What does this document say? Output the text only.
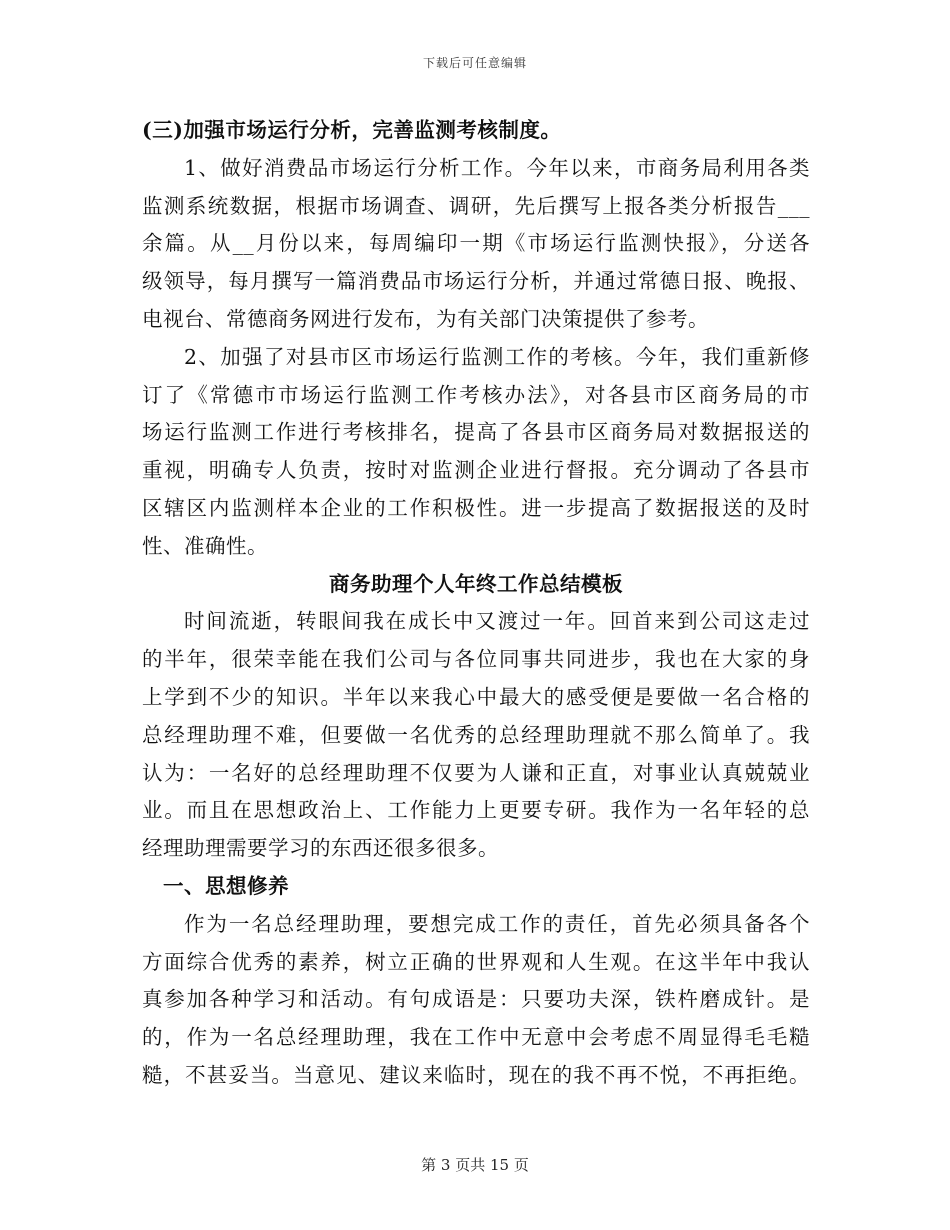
下载后可任意编辑
(三)加强市场运行分析，完善监测考核制度。
1、做好消费品市场运行分析工作。今年以来，市商务局利用各类
监测系统数据，根据市场调查、调研，先后撰写上报各类分析报告___
余篇。从__月份以来，每周编印一期《市场运行监测快报》，分送各
级领导，每月撰写一篇消费品市场运行分析，并通过常德日报、晚报、
电视台、常德商务网进行发布，为有关部门决策提供了参考。
2、加强了对县市区市场运行监测工作的考核。今年，我们重新修
订了《常德市市场运行监测工作考核办法》，对各县市区商务局的市
场运行监测工作进行考核排名，提高了各县市区商务局对数据报送的
重视，明确专人负责，按时对监测企业进行督报。充分调动了各县市
区辖区内监测样本企业的工作积极性。进一步提高了数据报送的及时
性、准确性。
商务助理个人年终工作总结模板
时间流逝，转眼间我在成长中又渡过一年。回首来到公司这走过
的半年，很荣幸能在我们公司与各位同事共同进步，我也在大家的身
上学到不少的知识。半年以来我心中最大的感受便是要做一名合格的
总经理助理不难，但要做一名优秀的总经理助理就不那么简单了。我
认为：一名好的总经理助理不仅要为人谦和正直，对事业认真兢兢业
业。而且在思想政治上、工作能力上更要专研。我作为一名年轻的总
经理助理需要学习的东西还很多很多。
一、思想修养
作为一名总经理助理，要想完成工作的责任，首先必须具备各个
方面综合优秀的素养，树立正确的世界观和人生观。在这半年中我认
真参加各种学习和活动。有句成语是：只要功夫深，铁杵磨成针。是
的，作为一名总经理助理，我在工作中无意中会考虑不周显得毛毛糙
糙，不甚妥当。当意见、建议来临时，现在的我不再不悦，不再拒绝。
第 3 页共 15 页
